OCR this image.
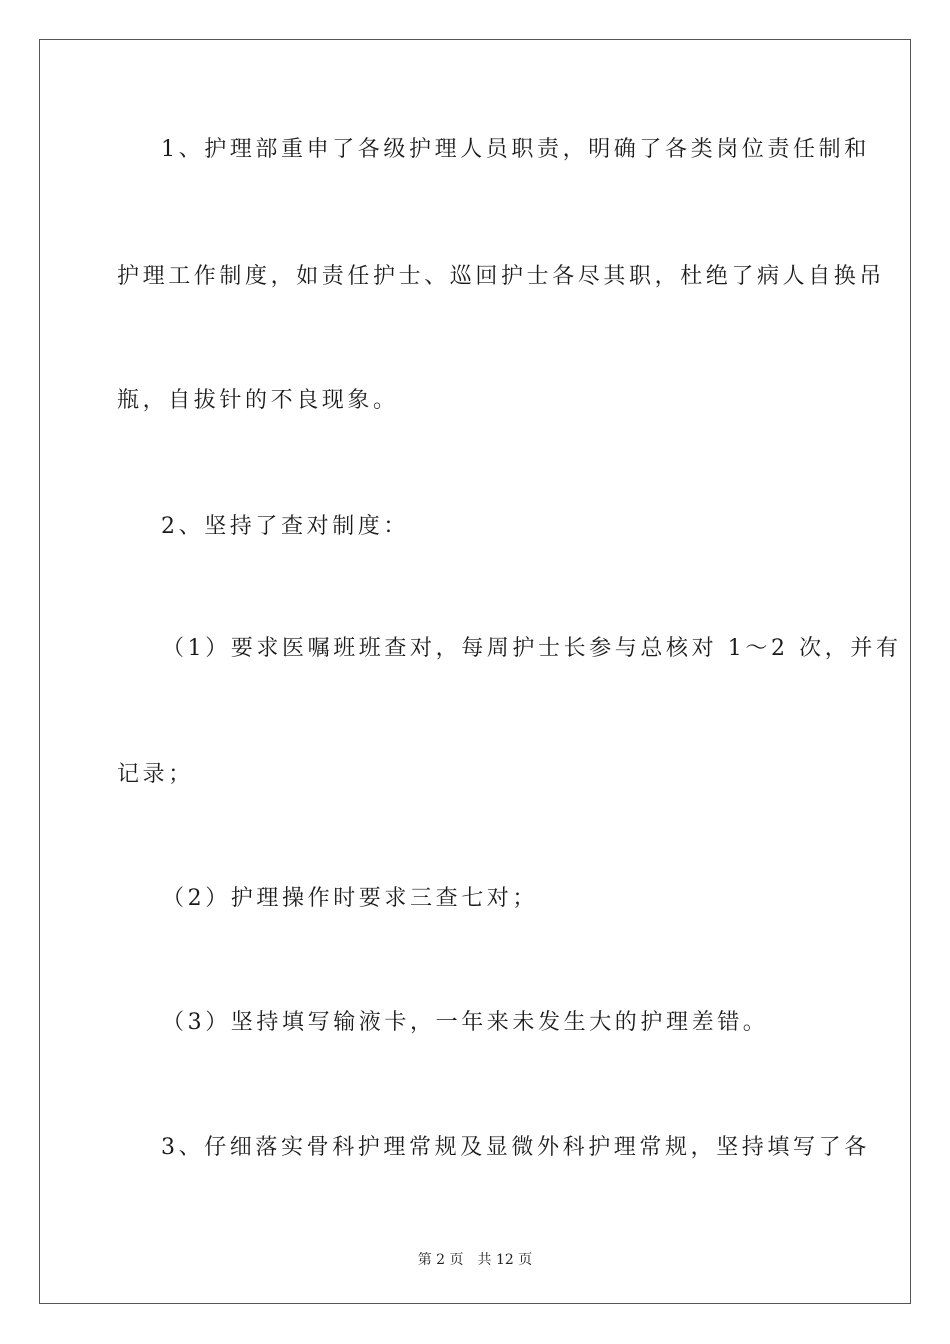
1、护理部重申了各级护理人员职责，明确了各类岗位责任制和
护理工作制度，如责任护士、巡回护士各尽其职，杜绝了病人自换吊
瓶，自拔针的不良现象。
2、坚持了查对制度：
（1）要求医嘱班班查对，每周护士长参与总核对 1～2 次，并有
记录；
（2）护理操作时要求三查七对；
（3）坚持填写输液卡，一年来未发生大的护理差错。
3、仔细落实骨科护理常规及显微外科护理常规，坚持填写了各
第 2 页 共 12 页
